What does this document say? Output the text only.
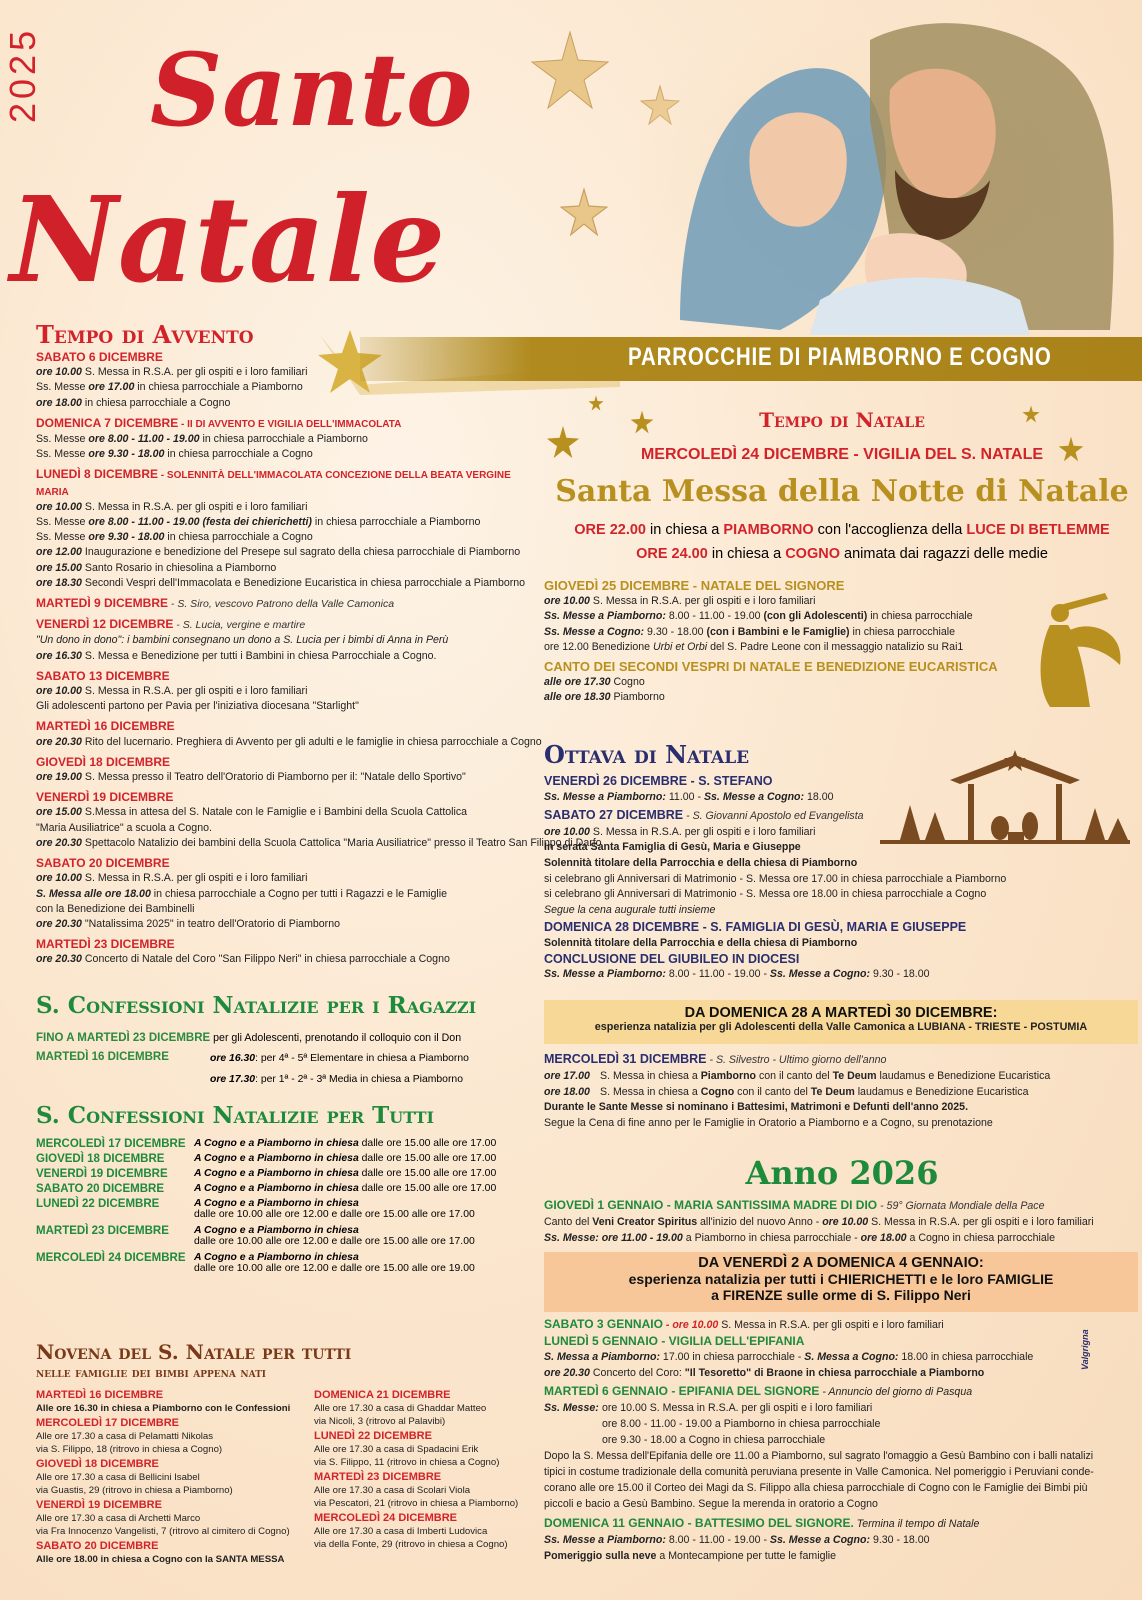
2025	Santo
Natale
PARROCCHIE DI PIAMBORNO E COGNO
Tempo di Avvento
SABATO 6 DICEMBRE
ore 10.00 S. Messa in R.S.A. per gli ospiti e i loro familiari
Ss. Messe ore 17.00 in chiesa parrocchiale a Piamborno
ore 18.00 in chiesa parrocchiale a Cogno
DOMENICA 7 DICEMBRE - II DI AVVENTO E VIGILIA DELL'IMMACOLATA
Ss. Messe ore 8.00 - 11.00 - 19.00 in chiesa parrocchiale a Piamborno
Ss. Messe ore 9.30 - 18.00 in chiesa parrocchiale a Cogno
LUNEDÌ 8 DICEMBRE - SOLENNITÀ DELL'IMMACOLATA CONCEZIONE DELLA BEATA VERGINE MARIA
ore 10.00 S. Messa in R.S.A. per gli ospiti e i loro familiari
Ss. Messe ore 8.00 - 11.00 - 19.00 (festa dei chierichetti) in chiesa parrocchiale a Piamborno
Ss. Messe ore 9.30 - 18.00 in chiesa parrocchiale a Cogno
ore 12.00 Inaugurazione e benedizione del Presepe sul sagrato della chiesa parrocchiale di Piamborno
ore 15.00 Santo Rosario in chiesolina a Piamborno
ore 18.30 Secondi Vespri dell'Immacolata e Benedizione Eucaristica in chiesa parrocchiale a Piamborno
MARTEDÌ 9 DICEMBRE - S. Siro, vescovo Patrono della Valle Camonica
VENERDÌ 12 DICEMBRE - S. Lucia, vergine e martire
"Un dono in dono": i bambini consegnano un dono a S. Lucia per i bimbi di Anna in Perù
ore 16.30 S. Messa e Benedizione per tutti i Bambini in chiesa Parrocchiale a Cogno.
SABATO 13 DICEMBRE
ore 10.00 S. Messa in R.S.A. per gli ospiti e i loro familiari
Gli adolescenti partono per Pavia per l'iniziativa diocesana "Starlight"
MARTEDÌ 16 DICEMBRE
ore 20.30 Rito del lucernario. Preghiera di Avvento per gli adulti e le famiglie in chiesa parrocchiale a Cogno
GIOVEDÌ 18 DICEMBRE
ore 19.00 S. Messa presso il Teatro dell'Oratorio di Piamborno per il: "Natale dello Sportivo"
VENERDÌ 19 DICEMBRE
ore 15.00 S.Messa in attesa del S. Natale con le Famiglie e i Bambini della Scuola Cattolica
"Maria Ausiliatrice" a scuola a Cogno.
ore 20.30 Spettacolo Natalizio dei bambini della Scuola Cattolica "Maria Ausiliatrice" presso il Teatro San Filippo di Darfo
SABATO 20 DICEMBRE
ore 10.00 S. Messa in R.S.A. per gli ospiti e i loro familiari
S. Messa alle ore 18.00 in chiesa parrocchiale a Cogno per tutti i Ragazzi e le Famiglie
con la Benedizione dei Bambinelli
ore 20.30 "Natalissima 2025" in teatro dell'Oratorio di Piamborno
MARTEDÌ 23 DICEMBRE
ore 20.30 Concerto di Natale del Coro "San Filippo Neri" in chiesa parrocchiale a Cogno
S. Confessioni Natalizie per i Ragazzi
FINO A MARTEDÌ 23 DICEMBRE per gli Adolescenti, prenotando il colloquio con il Don
MARTEDÌ 16 DICEMBRE	ore 16.30: per 4ª - 5ª Elementare in chiesa a Piamborno
ore 17.30: per 1ª - 2ª - 3ª Media in chiesa a Piamborno
S. Confessioni Natalizie per Tutti
MERCOLEDÌ 17 DICEMBRE A Cogno e a Piamborno in chiesa dalle ore 15.00 alle ore 17.00
GIOVEDÌ 18 DICEMBRE	A Cogno e a Piamborno in chiesa dalle ore 15.00 alle ore 17.00
VENERDÌ 19 DICEMBRE	A Cogno e a Piamborno in chiesa dalle ore 15.00 alle ore 17.00
SABATO 20 DICEMBRE	A Cogno e a Piamborno in chiesa dalle ore 15.00 alle ore 17.00
LUNEDÌ 22 DICEMBRE	A Cogno e a Piamborno in chiesa
dalle ore 10.00 alle ore 12.00 e dalle ore 15.00 alle ore 17.00
MARTEDÌ 23 DICEMBRE	A Cogno e a Piamborno in chiesa
dalle ore 10.00 alle ore 12.00 e dalle ore 15.00 alle ore 17.00
MERCOLEDÌ 24 DICEMBRE A Cogno e a Piamborno in chiesa
dalle ore 10.00 alle ore 12.00 e dalle ore 15.00 alle ore 19.00
Novena del S. Natale per tutti
nelle famiglie dei bimbi appena nati
MARTEDÌ 16 DICEMBRE
Alle ore 16.30 in chiesa a Piamborno con le Confessioni
MERCOLEDÌ 17 DICEMBRE
Alle ore 17.30 a casa di Pelamatti Nikolas
via S. Filippo, 18 (ritrovo in chiesa a Cogno)
GIOVEDÌ 18 DICEMBRE
Alle ore 17.30 a casa di Bellicini Isabel
via Guastis, 29 (ritrovo in chiesa a Piamborno)
VENERDÌ 19 DICEMBRE
Alle ore 17.30 a casa di Archetti Marco
via Fra Innocenzo Vangelisti, 7 (ritrovo al cimitero di Cogno)
SABATO 20 DICEMBRE
Alle ore 18.00 in chiesa a Cogno con la SANTA MESSA
DOMENICA 21 DICEMBRE
Alle ore 17.30 a casa di Ghaddar Matteo
via Nicoli, 3 (ritrovo al Palavibi)
LUNEDÌ 22 DICEMBRE
Alle ore 17.30 a casa di Spadacini Erik
via S. Filippo, 11 (ritrovo in chiesa a Cogno)
MARTEDÌ 23 DICEMBRE
Alle ore 17.30 a casa di Scolari Viola
via Pescatori, 21 (ritrovo in chiesa a Piamborno)
MERCOLEDÌ 24 DICEMBRE
Alle ore 17.30 a casa di Imberti Ludovica
via della Fonte, 29 (ritrovo in chiesa a Cogno)
Tempo di Natale
MERCOLEDÌ 24 DICEMBRE - VIGILIA DEL S. NATALE
Santa Messa della Notte di Natale
ORE 22.00 in chiesa a PIAMBORNO con l'accoglienza della LUCE DI BETLEMME
ORE 24.00 in chiesa a COGNO animata dai ragazzi delle medie
GIOVEDÌ 25 DICEMBRE - NATALE DEL SIGNORE
ore 10.00 S. Messa in R.S.A. per gli ospiti e i loro familiari
Ss. Messe a Piamborno: 8.00 - 11.00 - 19.00 (con gli Adolescenti) in chiesa parrocchiale
Ss. Messe a Cogno: 9.30 - 18.00 (con i Bambini e le Famiglie) in chiesa parrocchiale
ore 12.00 Benedizione Urbi et Orbi del S. Padre Leone con il messaggio natalizio su Rai1
CANTO DEI SECONDI VESPRI DI NATALE E BENEDIZIONE EUCARISTICA
alle ore 17.30 Cogno
alle ore 18.30 Piamborno
Ottava di Natale
VENERDÌ 26 DICEMBRE - S. STEFANO
Ss. Messe a Piamborno: 11.00 - Ss. Messe a Cogno: 18.00
SABATO 27 DICEMBRE - S. Giovanni Apostolo ed Evangelista
ore 10.00 S. Messa in R.S.A. per gli ospiti e i loro familiari
In serata Santa Famiglia di Gesù, Maria e Giuseppe
Solennità titolare della Parrocchia e della chiesa di Piamborno
si celebrano gli Anniversari di Matrimonio - S. Messa ore 17.00 in chiesa parrocchiale a Piamborno
si celebrano gli Anniversari di Matrimonio - S. Messa ore 18.00 in chiesa parrocchiale a Cogno
Segue la cena augurale tutti insieme
DOMENICA 28 DICEMBRE - S. FAMIGLIA DI GESÙ, MARIA E GIUSEPPE
Solennità titolare della Parrocchia e della chiesa di Piamborno
CONCLUSIONE DEL GIUBILEO IN DIOCESI
Ss. Messe a Piamborno: 8.00 - 11.00 - 19.00 - Ss. Messe a Cogno: 9.30 - 18.00
DA DOMENICA 28 A MARTEDÌ 30 DICEMBRE:
esperienza natalizia per gli Adolescenti della Valle Camonica a LUBIANA - TRIESTE - POSTUMIA
MERCOLEDÌ 31 DICEMBRE - S. Silvestro - Ultimo giorno dell'anno
ore 17.00 S. Messa in chiesa a Piamborno con il canto del Te Deum laudamus e Benedizione Eucaristica
ore 18.00 S. Messa in chiesa a Cogno con il canto del Te Deum laudamus e Benedizione Eucaristica
Durante le Sante Messe si nominano i Battesimi, Matrimoni e Defunti dell'anno 2025.
Segue la Cena di fine anno per le Famiglie in Oratorio a Piamborno e a Cogno, su prenotazione
Anno 2026
GIOVEDÌ 1 GENNAIO - MARIA SANTISSIMA MADRE DI DIO - 59° Giornata Mondiale della Pace
Canto del Veni Creator Spiritus all'inizio del nuovo Anno - ore 10.00 S. Messa in R.S.A. per gli ospiti e i loro familiari
Ss. Messe: ore 11.00 - 19.00 a Piamborno in chiesa parrocchiale - ore 18.00 a Cogno in chiesa parrocchiale
DA VENERDÌ 2 A DOMENICA 4 GENNAIO:
esperienza natalizia per tutti i CHIERICHETTI e le loro FAMIGLIE
a FIRENZE sulle orme di S. Filippo Neri
SABATO 3 GENNAIO - ore 10.00 S. Messa in R.S.A. per gli ospiti e i loro familiari
LUNEDÌ 5 GENNAIO - VIGILIA DELL'EPIFANIA
S. Messa a Piamborno: 17.00 in chiesa parrocchiale - S. Messa a Cogno: 18.00 in chiesa parrocchiale
ore 20.30 Concerto del Coro: "Il Tesoretto" di Braone in chiesa parrocchiale a Piamborno
MARTEDÌ 6 GENNAIO - EPIFANIA DEL SIGNORE - Annuncio del giorno di Pasqua
Ss. Messe: ore 10.00 S. Messa in R.S.A. per gli ospiti e i loro familiari
ore 8.00 - 11.00 - 19.00 a Piamborno in chiesa parrocchiale
ore 9.30 - 18.00 a Cogno in chiesa parrocchiale
Dopo la S. Messa dell'Epifania delle ore 11.00 a Piamborno, sul sagrato l'omaggio a Gesù Bambino con i balli natalizi
tipici in costume tradizionale della comunità peruviana presente in Valle Camonica. Nel pomeriggio i Peruviani conde-
corano alle ore 15.00 il Corteo dei Magi da S. Filippo alla chiesa parrocchiale di Cogno con le Famiglie dei Bimbi più
piccoli e bacio a Gesù Bambino. Segue la merenda in oratorio a Cogno
DOMENICA 11 GENNAIO - BATTESIMO DEL SIGNORE. Termina il tempo di Natale
Ss. Messe a Piamborno: 8.00 - 11.00 - 19.00 - Ss. Messe a Cogno: 9.30 - 18.00
Pomeriggio sulla neve a Montecampione per tutte le famiglie
Valgrigna
